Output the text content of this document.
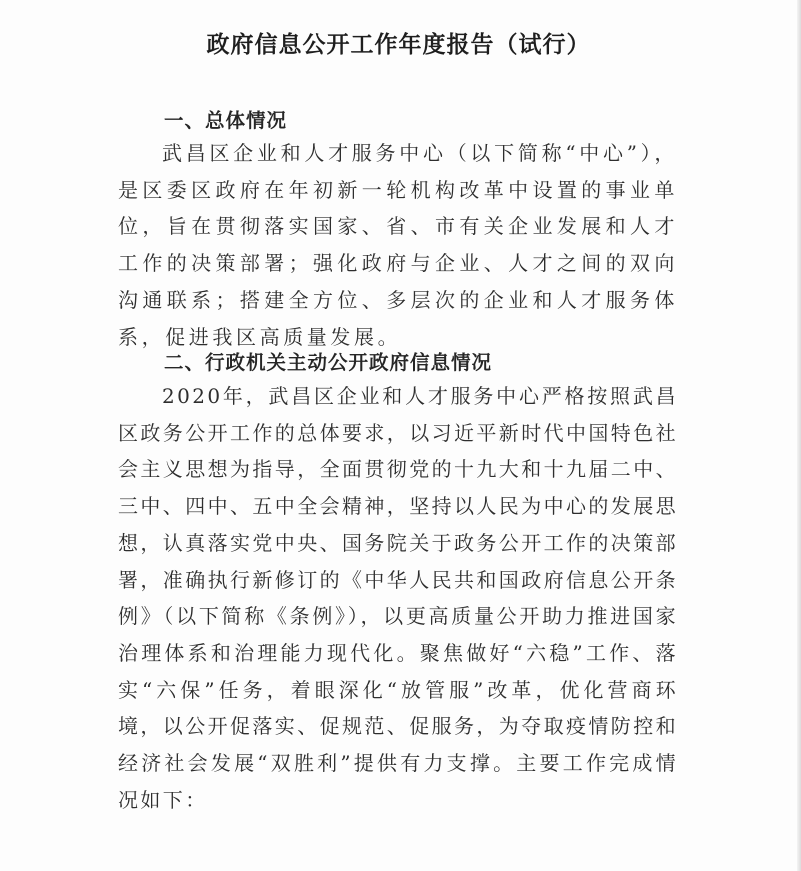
政府信息公开工作年度报告（试行）
一、总体情况

武昌区企业和人才服务中心（以下简称“中心”），是区委区政府在年初新一轮机构改革中设置的事业单位，旨在贯彻落实国家、省、市有关企业发展和人才工作的决策部署；强化政府与企业、人才之间的双向沟通联系；搭建全方位、多层次的企业和人才服务体系，促进我区高质量发展。

二、行政机关主动公开政府信息情况

2020年，武昌区企业和人才服务中心严格按照武昌区政务公开工作的总体要求，以习近平新时代中国特色社会主义思想为指导，全面贯彻党的十九大和十九届二中、三中、四中、五中全会精神，坚持以人民为中心的发展思想，认真落实党中央、国务院关于政务公开工作的决策部署，准确执行新修订的《中华人民共和国政府信息公开条例》（以下简称《条例》），以更高质量公开助力推进国家治理体系和治理能力现代化。聚焦做好“六稳”工作、落实“六保”任务，着眼深化“放管服”改革，优化营商环境，以公开促落实、促规范、促服务，为夺取疫情防控和经济社会发展“双胜利”提供有力支撑。主要工作完成情况如下：
